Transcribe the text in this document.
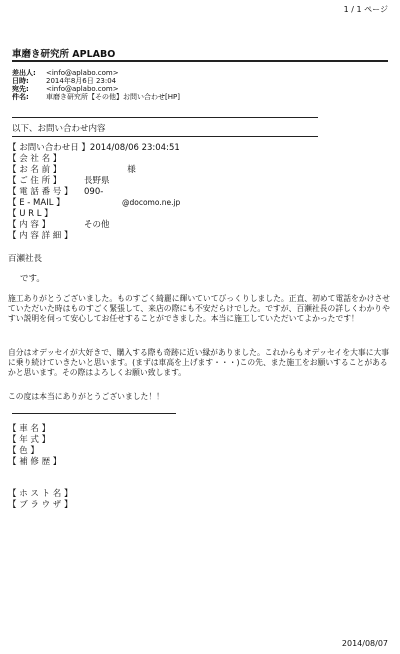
1 / 1 ページ
車磨き研究所 APLABO
差出人: <info@aplabo.com>
日時: 2014年8月6日 23:04
宛先: <info@aplabo.com>
件名: 車磨き研究所【その他】お問い合わせ[HP]
以下、お問い合わせ内容
【 お問い合わせ日 】2014/08/06 23:04:51
【 会 社 名 】
【 お 名 前 】	様
【 ご 住 所 】	長野県
【 電 話 番 号 】 090-
【 E - MAIL 】	@docomo.ne.jp
【 U R L 】
【 内 容 】	その他
【 内 容 詳 細 】
百瀬社長
です。
施工ありがとうございました。ものすごく綺麗に輝いていてびっくりしました。正直、初めて電話をかけさせていただいた時はものすごく緊張して、来店の際にも不安だらけでした。ですが、百瀬社長の詳しくわかりやすい説明を伺って安心してお任せすることができました。本当に施工していただいてよかったです！
自分はオデッセイが大好きで、購入する際も奇跡に近い縁がありました。これからもオデッセイを大事に大事に乗り続けていきたいと思います。(まずは車高を上げます・・・)この先、また施工をお願いすることがあるかと思います。その際はよろしくお願い致します。
この度は本当にありがとうございました！！
【 車 名 】
【 年 式 】
【 色 】
【 補 修 歴 】
【 ホ ス ト 名 】
【 ブ ラ ウ ザ 】
2014/08/07
